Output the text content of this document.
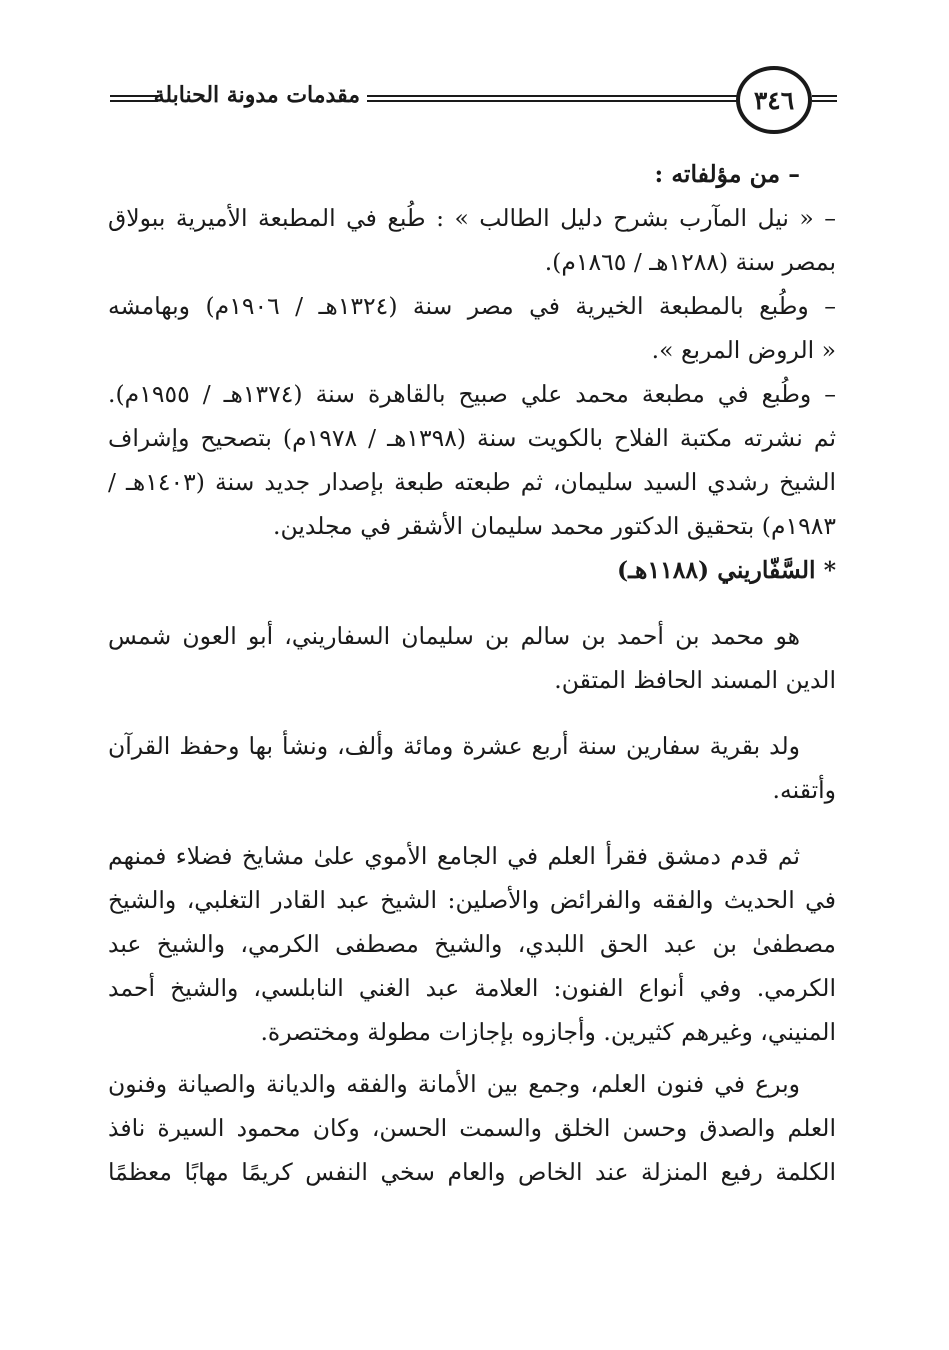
مقدمات مدونة الحنابلة	٣٤٦
– من مؤلفاته :
– « نيل المآرب بشرح دليل الطالب » : طُبع في المطبعة الأميرية ببولاق
بمصر سنة (١٢٨٨هـ / ١٨٦٥م).
– وطُبع بالمطبعة الخيرية في مصر سنة (١٣٢٤هـ / ١٩٠٦م) وبهامشه
« الروض المربع ».
– وطُبع في مطبعة محمد علي صبيح بالقاهرة سنة (١٣٧٤هـ / ١٩٥٥م).
ثم نشرته مكتبة الفلاح بالكويت سنة (١٣٩٨هـ / ١٩٧٨م) بتصحيح وإشراف
الشيخ رشدي السيد سليمان، ثم طبعته طبعة بإصدار جديد سنة (١٤٠٣هـ /
١٩٨٣م) بتحقيق الدكتور محمد سليمان الأشقر في مجلدين.
* السَّفّاريني (١١٨٨هـ)
هو محمد بن أحمد بن سالم بن سليمان السفاريني، أبو العون شمس
الدين المسند الحافظ المتقن.
ولد بقرية سفارين سنة أربع عشرة ومائة وألف، ونشأ بها وحفظ القرآن
وأتقنه.
ثم قدم دمشق فقرأ العلم في الجامع الأموي علىٰ مشايخ فضلاء فمنهم
في الحديث والفقه والفرائض والأصلين: الشيخ عبد القادر التغلبي، والشيخ
مصطفىٰ بن عبد الحق اللبدي، والشيخ مصطفى الكرمي، والشيخ عبد
الكرمي. وفي أنواع الفنون: العلامة عبد الغني النابلسي، والشيخ أحمد
المنيني، وغيرهم كثيرين. وأجازوه بإجازات مطولة ومختصرة.
وبرع في فنون العلم، وجمع بين الأمانة والفقه والديانة والصيانة وفنون
العلم والصدق وحسن الخلق والسمت الحسن، وكان محمود السيرة نافذ
الكلمة رفيع المنزلة عند الخاص والعام سخي النفس كريمًا مهابًا معظمًا
